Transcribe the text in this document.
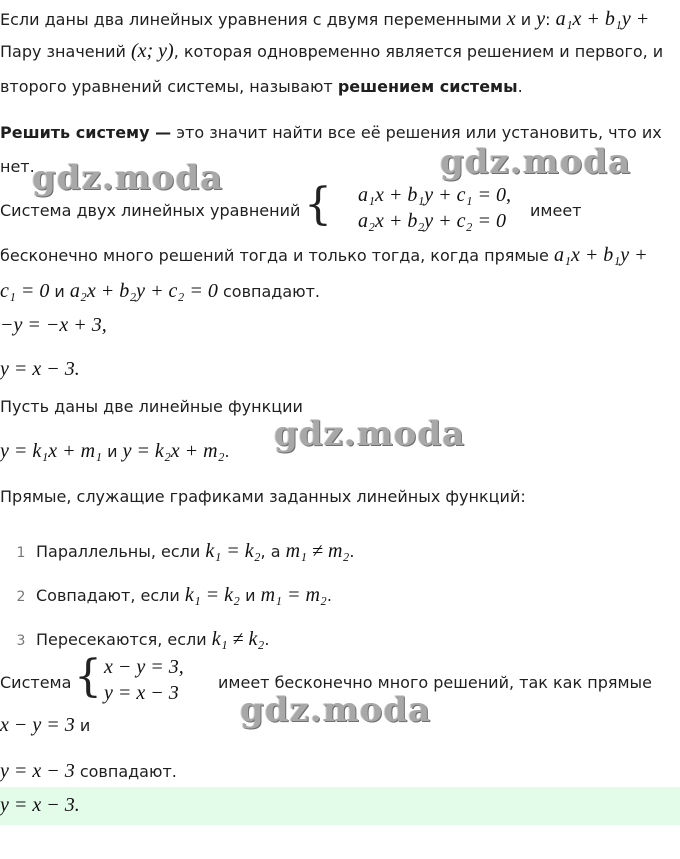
Если даны два линейных уравнения с двумя переменными x и y: a₁x + b₁y +
Пару значений (x; y), которая одновременно является решением и первого, и
второго уравнений системы, называют решением системы.
Решить систему — это значит найти все её решения или установить, что их
нет.
Система двух линейных уравнений { a₁x + b₁y + c₁ = 0,
a₂x + b₂y + c₂ = 0 имеет
бесконечно много решений тогда и только тогда, когда прямые a₁x + b₁y +
c₁ = 0 и a₂x + b₂y + c₂ = 0 совпадают.
−y = −x + 3,
y = x − 3.
Пусть даны две линейные функции
y = k₁x + m₁ и y = k₂x + m₂.
Прямые, служащие графиками заданных линейных функций:
1 Параллельны, если k₁ = k₂, а m₁ ≠ m₂.
2 Совпадают, если k₁ = k₂ и m₁ = m₂.
3 Пересекаются, если k₁ ≠ k₂.
Система { x − y = 3,
y = x − 3 имеет бесконечно много решений, так как прямые
x − y = 3 и
y = x − 3 совпадают.
y = x − 3.
gdz.moda	gdz.moda
gdz.moda
gdz.moda
